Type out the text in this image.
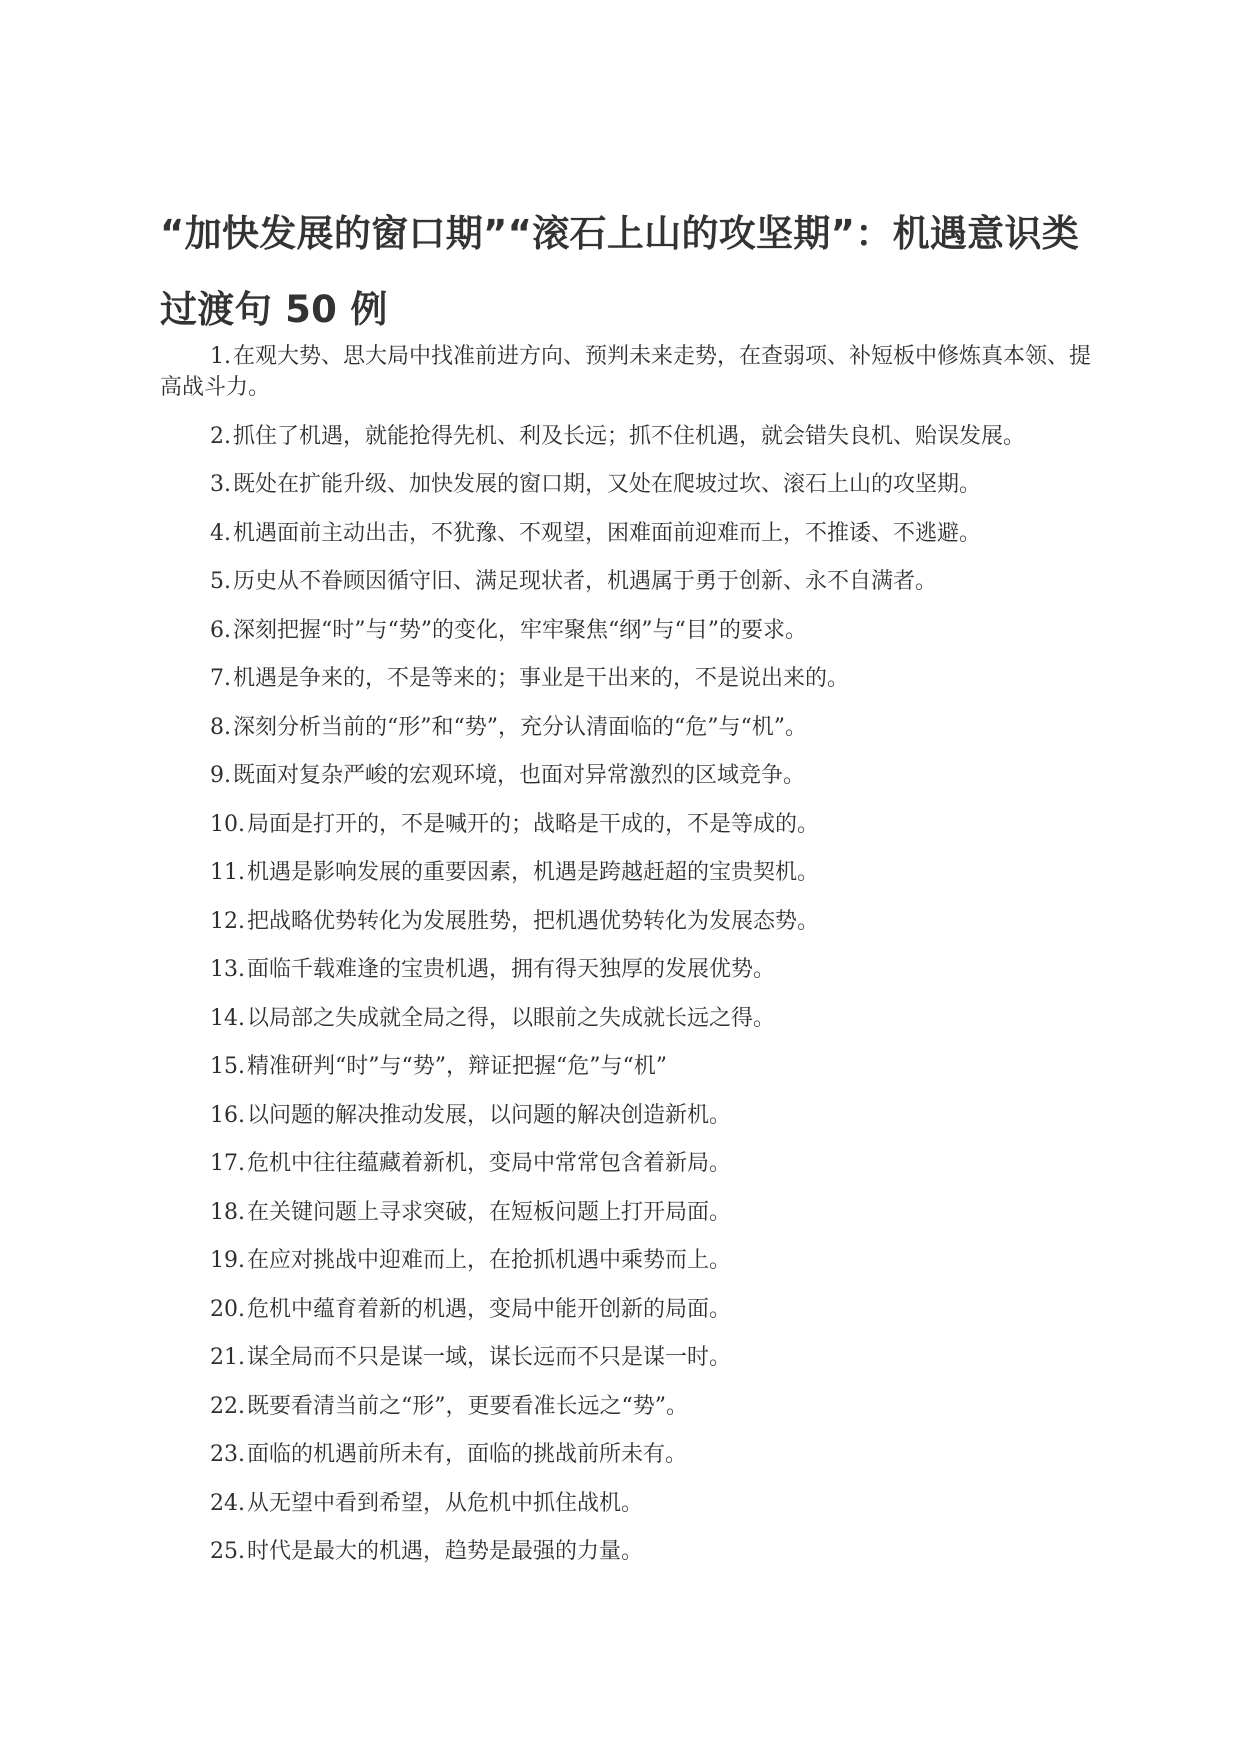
“加快发展的窗口期”“滚石上山的攻坚期”：机遇意识类过渡句 50 例
1.在观大势、思大局中找准前进方向、预判未来走势，在查弱项、补短板中修炼真本领、提高战斗力。
2.抓住了机遇，就能抢得先机、利及长远；抓不住机遇，就会错失良机、贻误发展。
3.既处在扩能升级、加快发展的窗口期，又处在爬坡过坎、滚石上山的攻坚期。
4.机遇面前主动出击，不犹豫、不观望，困难面前迎难而上，不推诿、不逃避。
5.历史从不眷顾因循守旧、满足现状者，机遇属于勇于创新、永不自满者。
6.深刻把握“时”与“势”的变化，牢牢聚焦“纲”与“目”的要求。
7.机遇是争来的，不是等来的；事业是干出来的，不是说出来的。
8.深刻分析当前的“形”和“势”，充分认清面临的“危”与“机”。
9.既面对复杂严峻的宏观环境，也面对异常激烈的区域竞争。
10.局面是打开的，不是喊开的；战略是干成的，不是等成的。
11.机遇是影响发展的重要因素，机遇是跨越赶超的宝贵契机。
12.把战略优势转化为发展胜势，把机遇优势转化为发展态势。
13.面临千载难逢的宝贵机遇，拥有得天独厚的发展优势。
14.以局部之失成就全局之得，以眼前之失成就长远之得。
15.精准研判“时”与“势”，辩证把握“危”与“机”
16.以问题的解决推动发展，以问题的解决创造新机。
17.危机中往往蕴藏着新机，变局中常常包含着新局。
18.在关键问题上寻求突破，在短板问题上打开局面。
19.在应对挑战中迎难而上，在抢抓机遇中乘势而上。
20.危机中蕴育着新的机遇，变局中能开创新的局面。
21.谋全局而不只是谋一域，谋长远而不只是谋一时。
22.既要看清当前之“形”，更要看准长远之“势”。
23.面临的机遇前所未有，面临的挑战前所未有。
24.从无望中看到希望，从危机中抓住战机。
25.时代是最大的机遇，趋势是最强的力量。
